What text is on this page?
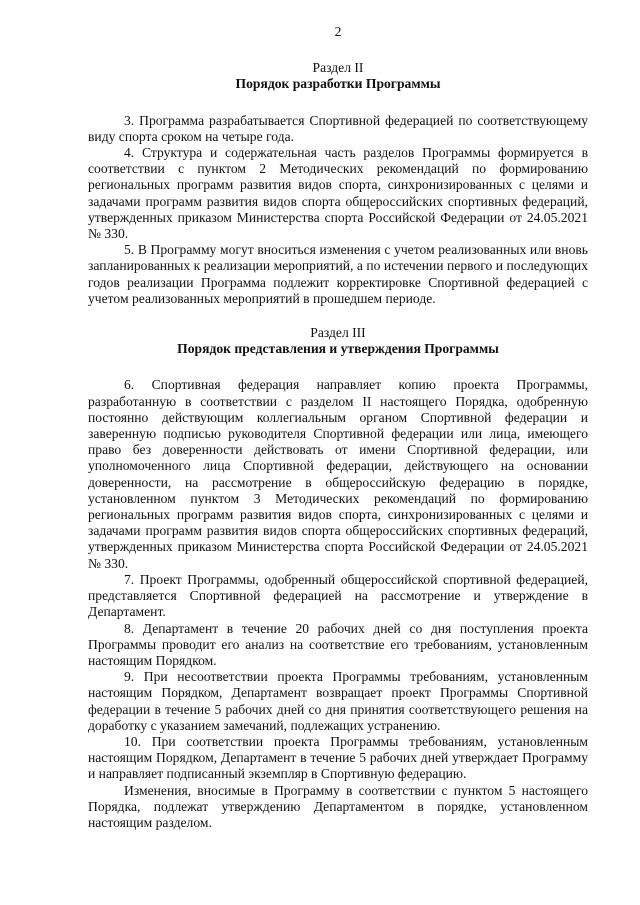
2

Раздел II

Порядок разработки Программы

3. Программа разрабатывается Спортивной федерацией по соответствующему виду спорта сроком на четыре года.

4. Структура и содержательная часть разделов Программы формируется в соответствии с пунктом 2 Методических рекомендаций по формированию региональных программ развития видов спорта, синхронизированных с целями и задачами программ развития видов спорта общероссийских спортивных федераций, утвержденных приказом Министерства спорта Российской Федерации от 24.05.2021 № 330.

5. В Программу могут вноситься изменения с учетом реализованных или вновь запланированных к реализации мероприятий, а по истечении первого и последующих годов реализации Программа подлежит корректировке Спортивной федерацией с учетом реализованных мероприятий в прошедшем периоде.

Раздел III

Порядок представления и утверждения Программы

6. Спортивная федерация направляет копию проекта Программы, разработанную в соответствии с разделом II настоящего Порядка, одобренную постоянно действующим коллегиальным органом Спортивной федерации и заверенную подписью руководителя Спортивной федерации или лица, имеющего право без доверенности действовать от имени Спортивной федерации, или уполномоченного лица Спортивной федерации, действующего на основании доверенности, на рассмотрение в общероссийскую федерацию в порядке, установленном пунктом 3 Методических рекомендаций по формированию региональных программ развития видов спорта, синхронизированных с целями и задачами программ развития видов спорта общероссийских спортивных федераций, утвержденных приказом Министерства спорта Российской Федерации от 24.05.2021 № 330.

7. Проект Программы, одобренный общероссийской спортивной федерацией, представляется Спортивной федерацией на рассмотрение и утверждение в Департамент.

8. Департамент в течение 20 рабочих дней со дня поступления проекта Программы проводит его анализ на соответствие его требованиям, установленным настоящим Порядком.

9. При несоответствии проекта Программы требованиям, установленным настоящим Порядком, Департамент возвращает проект Программы Спортивной федерации в течение 5 рабочих дней со дня принятия соответствующего решения на доработку с указанием замечаний, подлежащих устранению.

10. При соответствии проекта Программы требованиям, установленным настоящим Порядком, Департамент в течение 5 рабочих дней утверждает Программу и направляет подписанный экземпляр в Спортивную федерацию.

Изменения, вносимые в Программу в соответствии с пунктом 5 настоящего Порядка, подлежат утверждению Департаментом в порядке, установленном настоящим разделом.
